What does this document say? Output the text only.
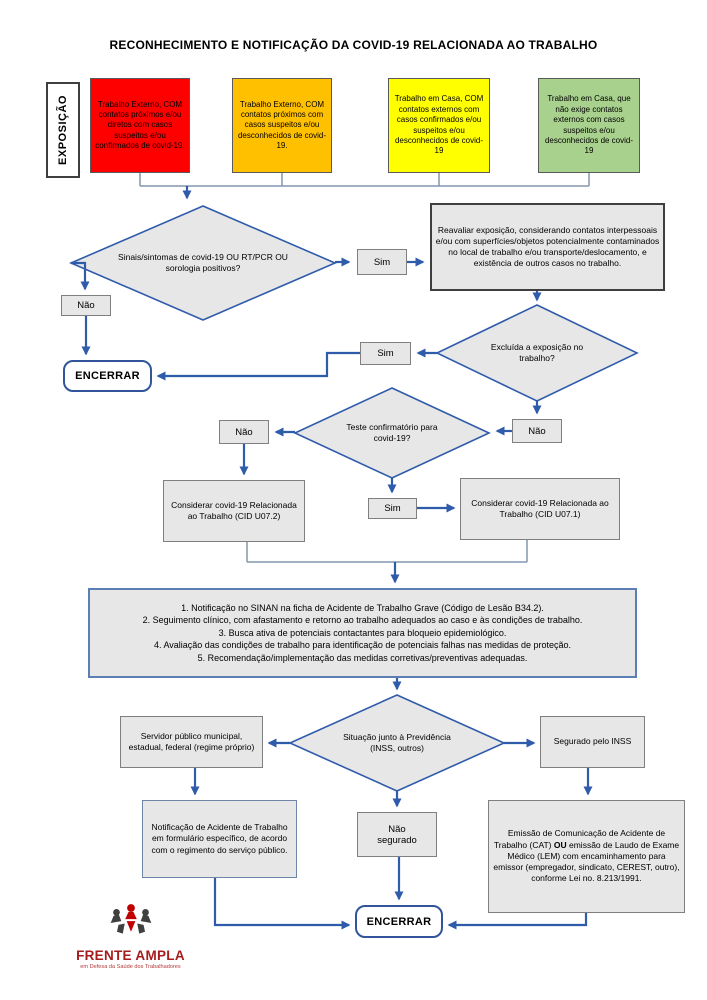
RECONHECIMENTO E NOTIFICAÇÃO DA COVID-19 RELACIONADA AO TRABALHO
EXPOSIÇÃO	Trabalho Externo, COM contatos próximos e/ou diretos com casos suspeitos e/ou confirmados de covid-19.
Trabalho Externo, COM contatos próximos com casos suspeitos e/ou desconhecidos de covid-19.
Trabalho em Casa, COM contatos externos com casos confirmados e/ou suspeitos e/ou desconhecidos de covid-19
Trabalho em Casa, que não exige contatos externos com casos suspeitos e/ou desconhecidos de covid-19
Sinais/sintomas de covid-19 OU RT/PCR OU sorologia positivos?
Excluída a exposição no trabalho?
Teste confirmatório para covid-19?
Situação junto à Previdência (INSS, outros)
Sim
Não
Sim
Não	Não
Sim
Reavaliar exposição, considerando contatos interpessoais e/ou com superfícies/objetos potencialmente contaminados no local de trabalho e/ou transporte/deslocamento, e existência de outros casos no trabalho.
Considerar covid-19 Relacionada ao Trabalho (CID U07.2)
Considerar covid-19 Relacionada ao Trabalho (CID U07.1)
1. Notificação no SINAN na ficha de Acidente de Trabalho Grave (Código de Lesão B34.2).
2. Seguimento clínico, com afastamento e retorno ao trabalho adequados ao caso e às condições de trabalho.
3. Busca ativa de potenciais contactantes para bloqueio epidemiológico.
4. Avaliação das condições de trabalho para identificação de potenciais falhas nas medidas de proteção.
5. Recomendação/implementação das medidas corretivas/preventivas adequadas.
Servidor público municipal, estadual, federal (regime próprio)
Segurado pelo INSS
Notificação de Acidente de Trabalho em formulário específico, de acordo com o regimento do serviço público.
Não segurado
Emissão de Comunicação de Acidente de Trabalho (CAT) OU emissão de Laudo de Exame Médico (LEM) com encaminhamento para emissor (empregador, sindicato, CEREST, outro), conforme Lei no. 8.213/1991.
ENCERRAR
ENCERRAR
FRENTE AMPLA
em Defesa da Saúde dos Trabalhadores
